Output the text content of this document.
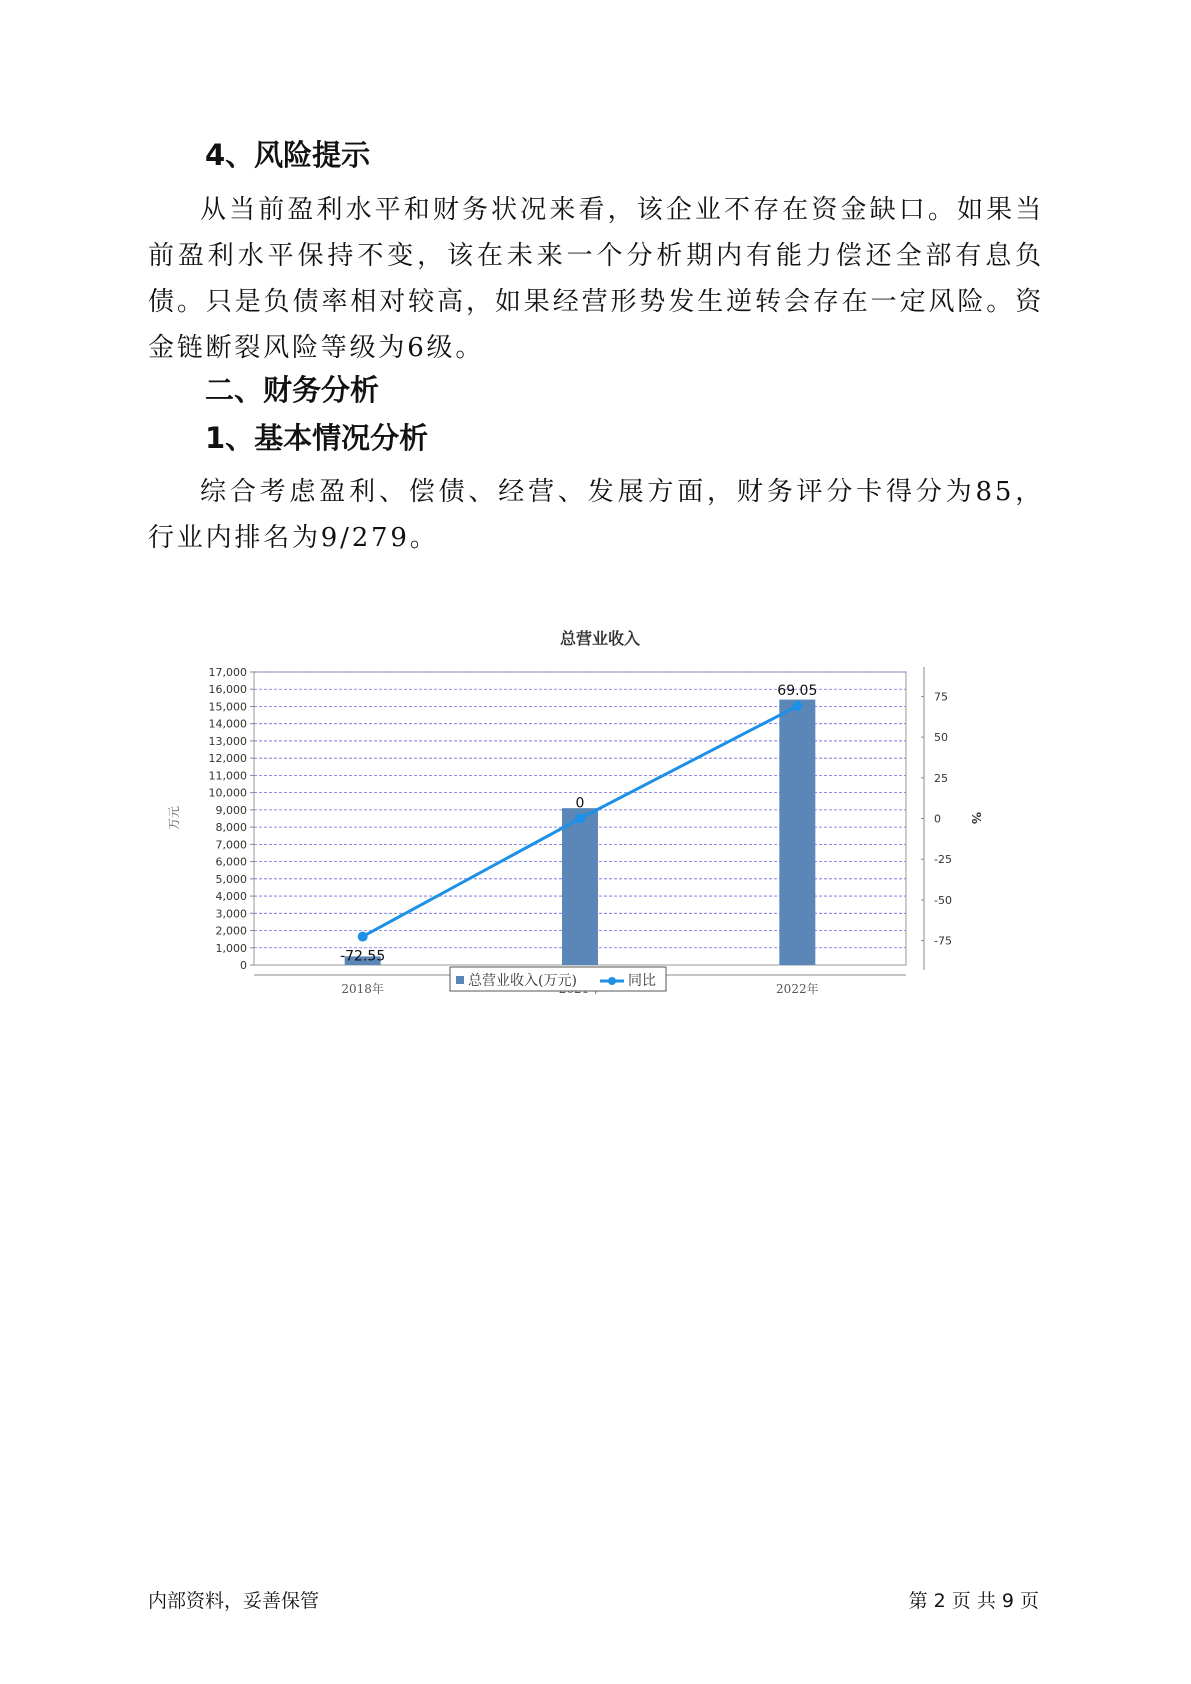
4、风险提示

从当前盈利水平和财务状况来看，该企业不存在资金缺口。如果当前盈利水平保持不变，该在未来一个分析期内有能力偿还全部有息负债。只是负债率相对较高，如果经营形势发生逆转会存在一定风险。资金链断裂风险等级为6级。

二、财务分析
1、基本情况分析

综合考虑盈利、偿债、经营、发展方面，财务评分卡得分为85，行业内排名为9/279。

总营业收入
-72.55
0
69.05
0
1,000
2,000
3,000
4,000
5,000
6,000
7,000
8,000
9,000
10,000
11,000
12,000
13,000
14,000
15,000
16,000
17,000
-75
-50
-25
0
25
50
75
2018年	2022年
万元	%
总营业收入(万元)	同比
内部资料，妥善保管	第 2 页 共 9 页
